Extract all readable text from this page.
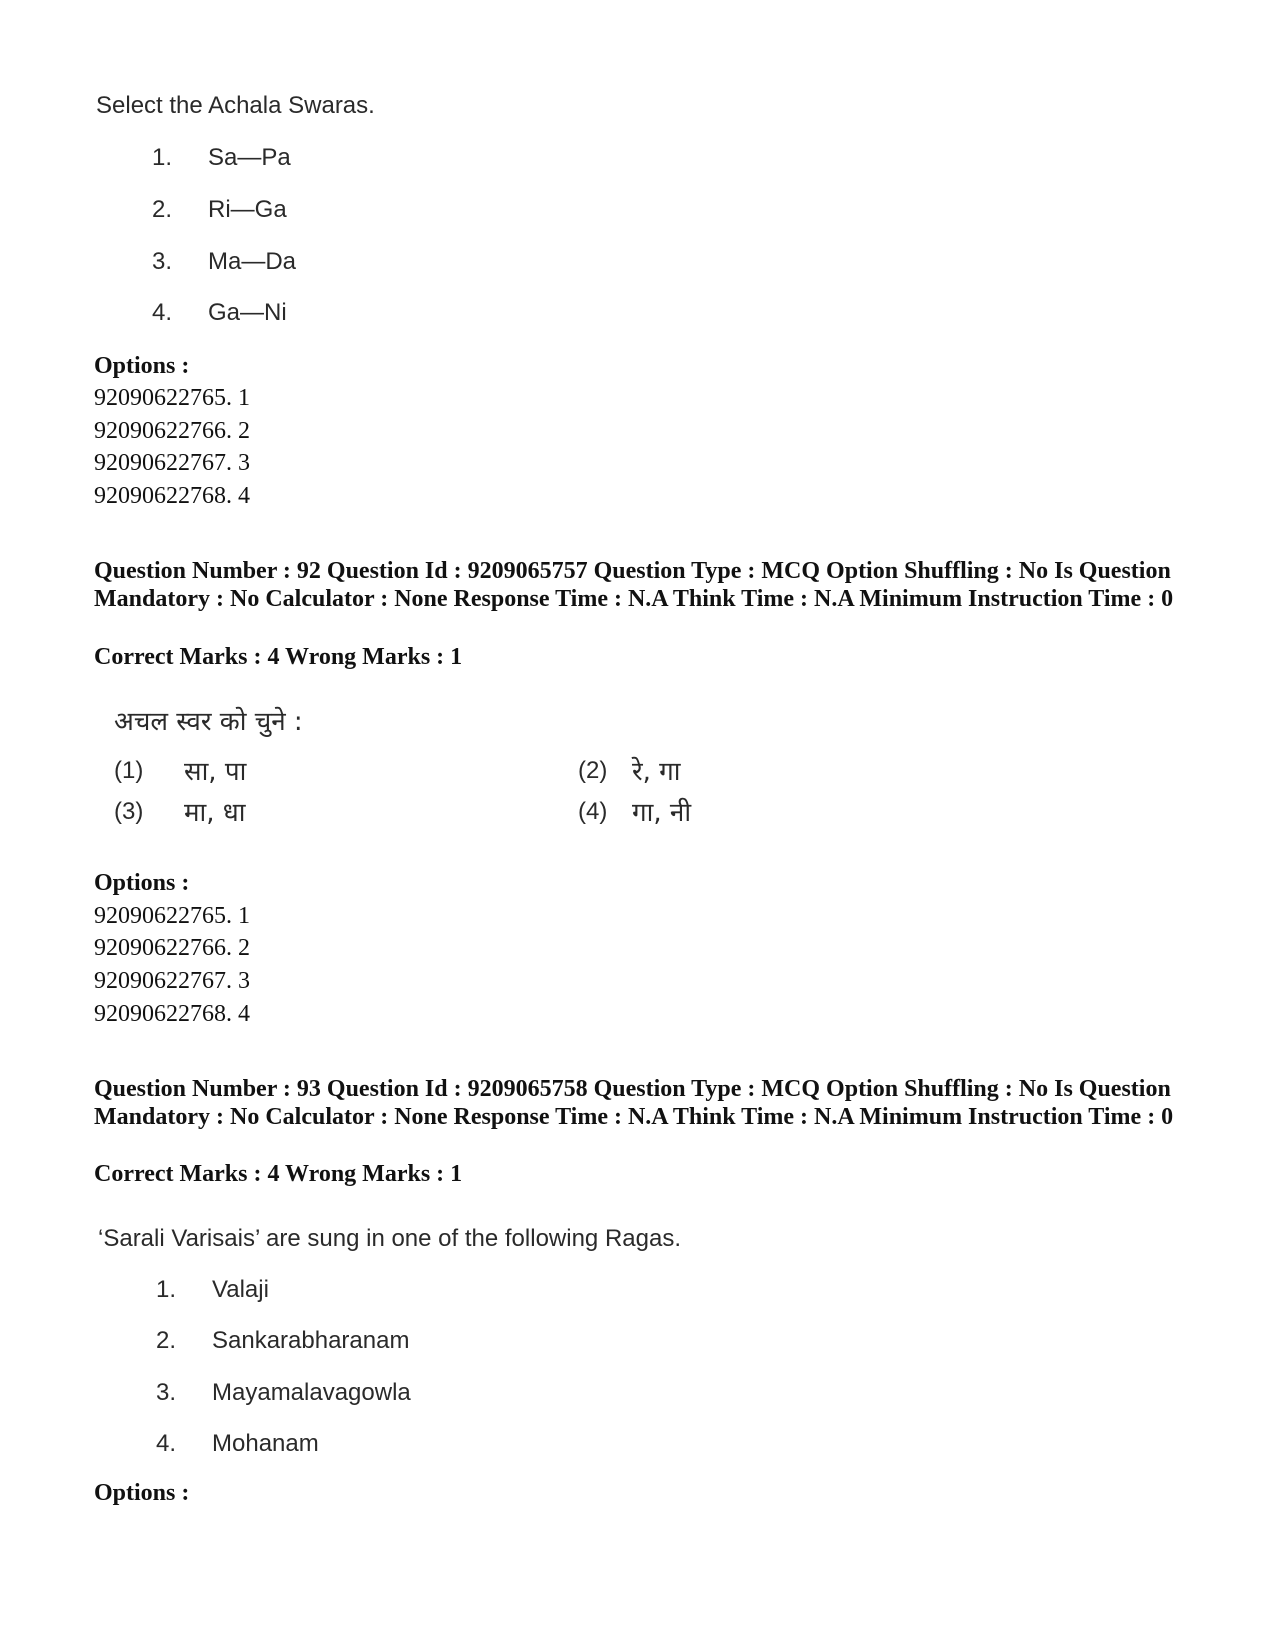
Select the Achala Swaras.
1. Sa—Pa
2. Ri—Ga
3. Ma—Da
4. Ga—Ni
Options :
92090622765. 1
92090622766. 2
92090622767. 3
92090622768. 4
Question Number : 92 Question Id : 9209065757 Question Type : MCQ Option Shuffling : No Is Question Mandatory : No Calculator : None Response Time : N.A Think Time : N.A Minimum Instruction Time : 0
Correct Marks : 4 Wrong Marks : 1
अचल स्वर को चुने :
(1) सा, पा	(2) रे, गा
(3) मा, धा	(4) गा, नी
Options :
92090622765. 1
92090622766. 2
92090622767. 3
92090622768. 4
Question Number : 93 Question Id : 9209065758 Question Type : MCQ Option Shuffling : No Is Question Mandatory : No Calculator : None Response Time : N.A Think Time : N.A Minimum Instruction Time : 0
Correct Marks : 4 Wrong Marks : 1
‘Sarali Varisais’ are sung in one of the following Ragas.
1. Valaji
2. Sankarabharanam
3. Mayamalavagowla
4. Mohanam
Options :
